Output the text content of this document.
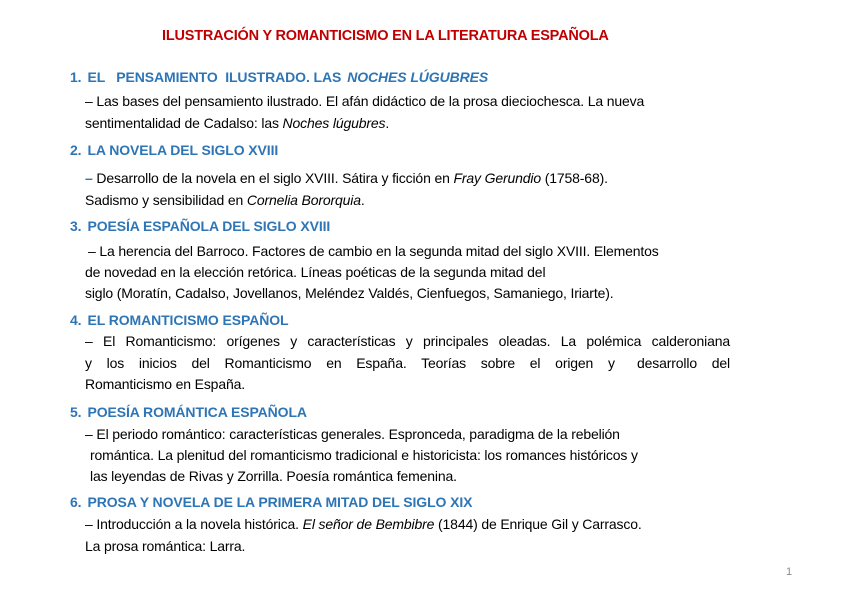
ILUSTRACIÓN Y ROMANTICISMO EN LA LITERATURA ESPAÑOLA
1. EL   PENSAMIENTO  ILUSTRADO. LAS NOCHES LÚGUBRES
– Las bases del pensamiento ilustrado. El afán didáctico de la prosa dieciochesca. La nueva
sentimentalidad de Cadalso: las Noches lúgubres.
2. LA NOVELA DEL SIGLO XVIII
– Desarrollo de la novela en el siglo XVIII. Sátira y ficción en Fray Gerundio (1758-68).
Sadismo y sensibilidad en Cornelia Bororquia.
3. POESÍA ESPAÑOLA DEL SIGLO XVIII
– La herencia del Barroco. Factores de cambio en la segunda mitad del siglo XVIII. Elementos
de novedad en la elección retórica. Líneas poéticas de la segunda mitad del
siglo (Moratín, Cadalso, Jovellanos, Meléndez Valdés, Cienfuegos, Samaniego, Iriarte).
4. EL ROMANTICISMO ESPAÑOL
– El Romanticismo: orígenes y características y principales oleadas. La polémica calderoniana
y  los  inicios  del  Romanticismo  en  España.  Teorías  sobre  el  origen  y   desarrollo  del
Romanticismo en España.
5. POESÍA ROMÁNTICA ESPAÑOLA
– El periodo romántico: características generales. Espronceda, paradigma de la rebelión
romántica. La plenitud del romanticismo tradicional e historicista: los romances históricos y
las leyendas de Rivas y Zorrilla. Poesía romántica femenina.
6. PROSA Y NOVELA DE LA PRIMERA MITAD DEL SIGLO XIX
– Introducción a la novela histórica. El señor de Bembibre (1844) de Enrique Gil y Carrasco.
La prosa romántica: Larra.
1
